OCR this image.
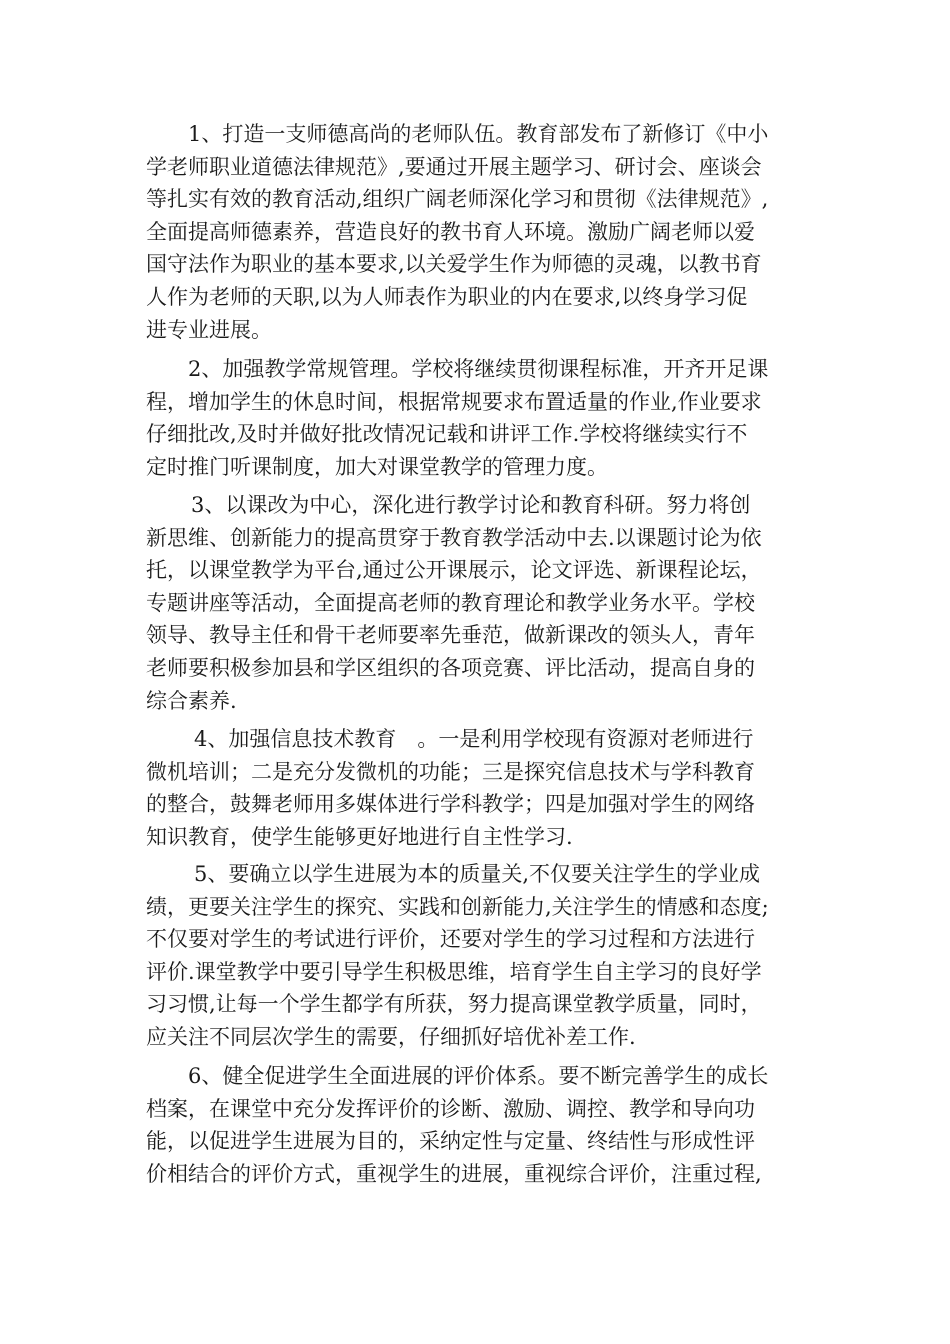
1、打造一支师德高尚的老师队伍。教育部发布了新修订《中小
学老师职业道德法律规范》,要通过开展主题学习、研讨会、座谈会
等扎实有效的教育活动,组织广阔老师深化学习和贯彻《法律规范》,
全面提高师德素养，营造良好的教书育人环境。激励广阔老师以爱
国守法作为职业的基本要求,以关爱学生作为师德的灵魂，以教书育
人作为老师的天职,以为人师表作为职业的内在要求,以终身学习促
进专业进展。
2、加强教学常规管理。学校将继续贯彻课程标准，开齐开足课
程，增加学生的休息时间，根据常规要求布置适量的作业,作业要求
仔细批改,及时并做好批改情况记载和讲评工作.学校将继续实行不
定时推门听课制度，加大对课堂教学的管理力度。
3、以课改为中心，深化进行教学讨论和教育科研。努力将创
新思维、创新能力的提高贯穿于教育教学活动中去.以课题讨论为依
托，以课堂教学为平台,通过公开课展示，论文评选、新课程论坛，
专题讲座等活动，全面提高老师的教育理论和教学业务水平。学校
领导、教导主任和骨干老师要率先垂范，做新课改的领头人，青年
老师要积极参加县和学区组织的各项竞赛、评比活动，提高自身的
综合素养.
4、加强信息技术教育　。一是利用学校现有资源对老师进行
微机培训；二是充分发微机的功能；三是探究信息技术与学科教育
的整合，鼓舞老师用多媒体进行学科教学；四是加强对学生的网络
知识教育，使学生能够更好地进行自主性学习.
5、要确立以学生进展为本的质量关,不仅要关注学生的学业成
绩，更要关注学生的探究、实践和创新能力,关注学生的情感和态度;
不仅要对学生的考试进行评价，还要对学生的学习过程和方法进行
评价.课堂教学中要引导学生积极思维，培育学生自主学习的良好学
习习惯,让每一个学生都学有所获，努力提高课堂教学质量，同时，
应关注不同层次学生的需要，仔细抓好培优补差工作.
6、健全促进学生全面进展的评价体系。要不断完善学生的成长
档案，在课堂中充分发挥评价的诊断、激励、调控、教学和导向功
能，以促进学生进展为目的，采纳定性与定量、终结性与形成性评
价相结合的评价方式，重视学生的进展，重视综合评价，注重过程,
